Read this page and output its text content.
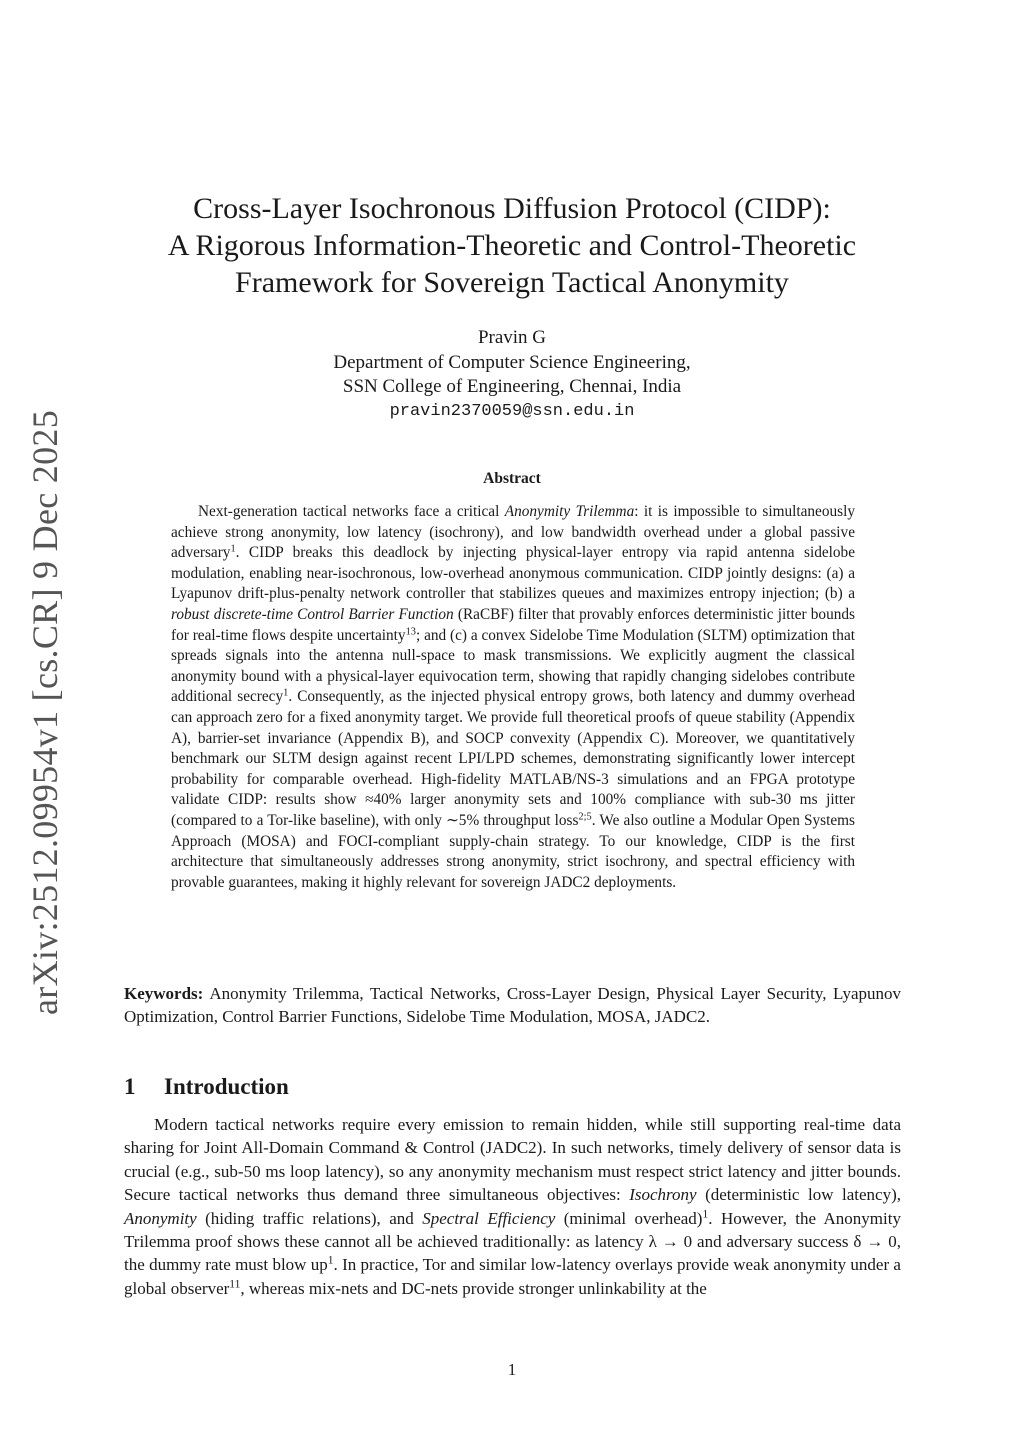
arXiv:2512.09954v1 [cs.CR] 9 Dec 2025
Cross-Layer Isochronous Diffusion Protocol (CIDP):
A Rigorous Information-Theoretic and Control-Theoretic
Framework for Sovereign Tactical Anonymity
Pravin G
Department of Computer Science Engineering,
SSN College of Engineering, Chennai, India
pravin2370059@ssn.edu.in
Abstract
Next-generation tactical networks face a critical Anonymity Trilemma: it is impossible to simultaneously achieve strong anonymity, low latency (isochrony), and low bandwidth overhead under a global passive adversary$^1$. CIDP breaks this deadlock by injecting physical-layer entropy via rapid antenna sidelobe modulation, enabling near-isochronous, low-overhead anonymous communication. CIDP jointly designs: (a) a Lyapunov drift-plus-penalty network controller that stabilizes queues and maximizes entropy injection; (b) a robust discrete-time Control Barrier Function (RaCBF) filter that provably enforces deterministic jitter bounds for real-time flows despite uncertainty$^{13}$; and (c) a convex Sidelobe Time Modulation (SLTM) optimization that spreads signals into the antenna null-space to mask transmissions. We explicitly augment the classical anonymity bound with a physical-layer equivocation term, showing that rapidly changing sidelobes contribute additional secrecy$^1$. Consequently, as the injected physical entropy grows, both latency and dummy overhead can approach zero for a fixed anonymity target. We provide full theoretical proofs of queue stability (Appendix A), barrier-set invariance (Appendix B), and SOCP convexity (Appendix C). Moreover, we quantitatively benchmark our SLTM design against recent LPI/LPD schemes, demonstrating significantly lower intercept probability for comparable overhead. High-fidelity MATLAB/NS-3 simulations and an FPGA prototype validate CIDP: results show ≈40% larger anonymity sets and 100% compliance with sub-30 ms jitter (compared to a Tor-like baseline), with only ∼5% throughput loss$^{2;5}$. We also outline a Modular Open Systems Approach (MOSA) and FOCI-compliant supply-chain strategy. To our knowledge, CIDP is the first architecture that simultaneously addresses strong anonymity, strict isochrony, and spectral efficiency with provable guarantees, making it highly relevant for sovereign JADC2 deployments.
Keywords: Anonymity Trilemma, Tactical Networks, Cross-Layer Design, Physical Layer Security, Lyapunov Optimization, Control Barrier Functions, Sidelobe Time Modulation, MOSA, JADC2.
1 Introduction
Modern tactical networks require every emission to remain hidden, while still supporting real-time data sharing for Joint All-Domain Command & Control (JADC2). In such networks, timely delivery of sensor data is crucial (e.g., sub-50 ms loop latency), so any anonymity mechanism must respect strict latency and jitter bounds. Secure tactical networks thus demand three simultaneous objectives: Isochrony (deterministic low latency), Anonymity (hiding traffic relations), and Spectral Efficiency (minimal overhead)$^1$. However, the Anonymity Trilemma proof shows these cannot all be achieved traditionally: as latency λ → 0 and adversary success δ → 0, the dummy rate must blow $up^1$. In practice, Tor and similar low-latency overlays provide weak anonymity under a global observer$^{11}$, whereas mix-nets and DC-nets provide stronger unlinkability at the
1
